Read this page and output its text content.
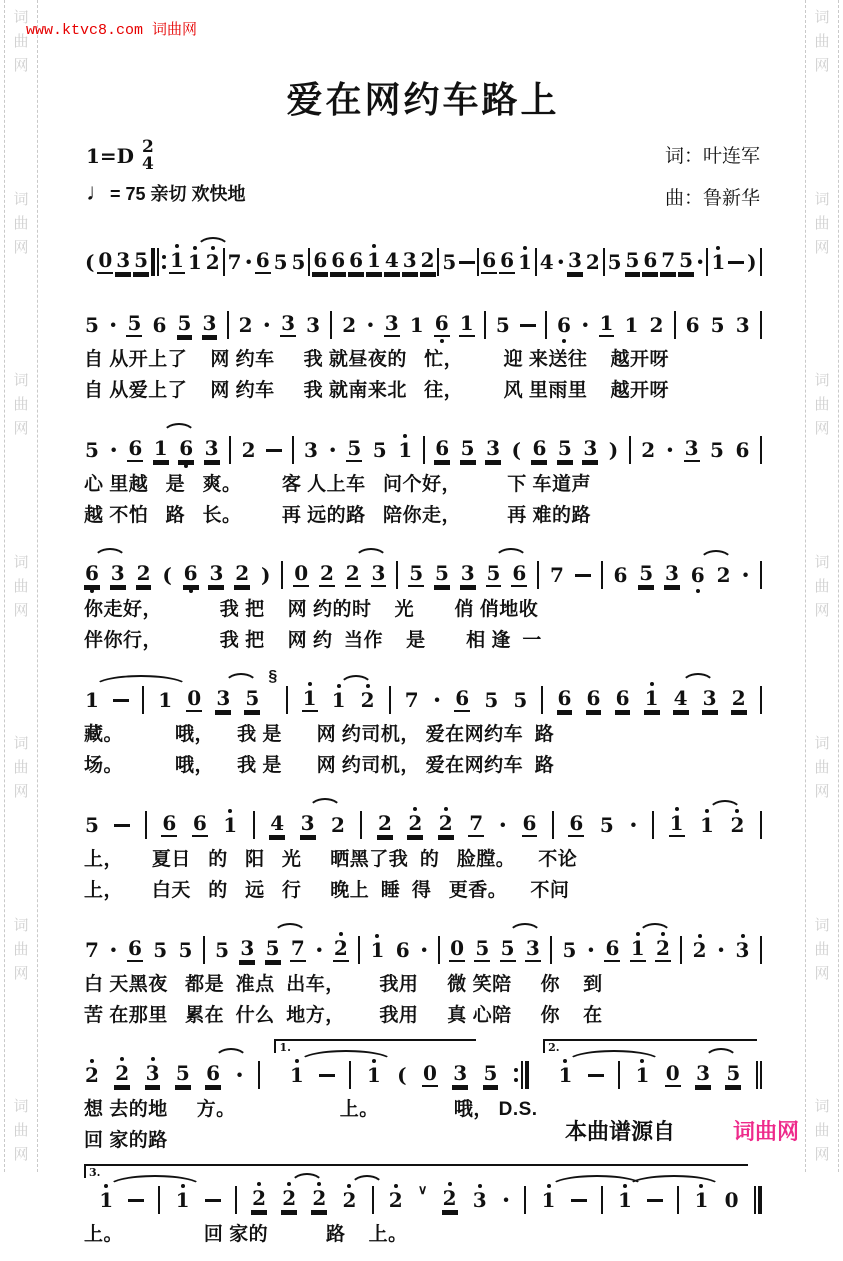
词
曲
网
词
曲
网
词
曲
网
词
曲
网
词
曲
网
词
曲
网
词
曲
网
词
曲
网
词
曲
网
词
曲
网
词
曲
网
词
曲
网
词
曲
网
词
曲
网
www.ktvc8.com 词曲网
爱在网约车路上
1=D 2
4	词：叶连军
♩= 75 亲切 欢快地	曲：鲁新华
( 0 3 5 1 1 2 7 · 6 5 5 6 6 6 1 4 3 2 5 6 6 1 4 · 3 2 5 5 6 7 5 · 1 )
5 · 5 6 5 3 2 · 3 3 2 · 3 1 6 1 5 6 · 1 1 2 6 5 3
自 从开上了    网 约车     我 就昼夜的   忙，       迎 来送往    越开呀
自 从爱上了    网 约车     我 就南来北   往，       风 里雨里    越开呀
5 · 6 1 6 3 2 3 · 5 5 1 6 5 3 ( 6 5 3 ) 2 · 3 5 6
心 里越   是   爽。       客 人上车   问个好，        下 车道声
越 不怕   路   长。       再 远的路   陪你走，        再 难的路
6 3 2 ( 6 3 2 ) 0 2 2 3 5 5 3 5 6 7 6 5 3 6 2 ·
你走好，          我 把    网 约的时    光       俏 俏地收
伴你行，          我 把    网 约  当作    是       相 逢  一
1	1 0 3 5
§
1 1 2 7 · 6 5 5 6 6 6 1 4 3 2
藏。         哦，    我 是      网 约司机， 爱在网约车  路
场。         哦，    我 是      网 约司机， 爱在网约车  路
5	6 6 1 4 3 2 2 2 2 7 · 6 6 5 · 1 1 2
上，     夏日   的   阳   光     晒黑了我  的   脸膛。    不论
上，     白天   的   远   行     晚上  睡  得   更香。    不问
7 · 6 5 5 5 3 5 7 · 2 1 6 · 0 5 5 3 5 · 6 1 2 2 · 3
白 天黑夜   都是  准点  出车，      我用     微 笑陪     你    到
苦 在那里   累在  什么  地方，      我用     真 心陪     你    在
2 2 3 5 6 ·
1.
1	1 ( 0 3 5
2.
1	1 0 3 5
想 去的地     方。                  上。             哦， D.S.
回 家的路
3.
1	1	2 2 2 2 2 ∨ 2 3 · 1	1	1 0
上。              回 家的          路    上。
本曲谱源自	词曲网
